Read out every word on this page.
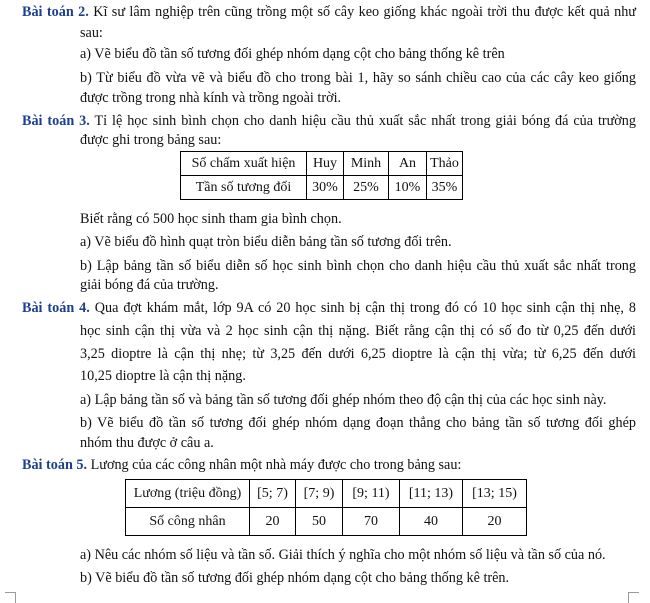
Bài toán 2. Kĩ sư lâm nghiệp trên cũng trồng một số cây keo giống khác ngoài trời thu được kết quả như
sau:
a) Vẽ biểu đồ tần số tương đối ghép nhóm dạng cột cho bảng thống kê trên
b) Từ biểu đồ vừa vẽ và biểu đồ cho trong bài 1, hãy so sánh chiều cao của các cây keo giống
được trồng trong nhà kính và trồng ngoài trời.
Bài toán 3. Tỉ lệ học sinh bình chọn cho danh hiệu cầu thủ xuất sắc nhất trong giải bóng đá của trường
được ghi trong bảng sau:
Số chấm xuất hiện	Huy	Minh	An	Thảo
Tần số tương đối	30%	25%	10%	35%
Biết rằng có 500 học sinh tham gia bình chọn.
a) Vẽ biểu đồ hình quạt tròn biểu diễn bảng tần số tương đối trên.
b) Lập bảng tần số biểu diễn số học sinh bình chọn cho danh hiệu cầu thủ xuất sắc nhất trong
giải bóng đá của trường.
Bài toán 4. Qua đợt khám mắt, lớp 9A có 20 học sinh bị cận thị trong đó có 10 học sinh cận thị nhẹ, 8
học sinh cận thị vừa và 2 học sinh cận thị nặng. Biết rằng cận thị có số đo từ 0,25 đến dưới
3,25 dioptre là cận thị nhẹ; từ 3,25 đến dưới 6,25 dioptre là cận thị vừa; từ 6,25 đến dưới
10,25 dioptre là cận thị nặng.
a) Lập bảng tần số và bảng tần số tương đối ghép nhóm theo độ cận thị của các học sinh này.
b) Vẽ biểu đồ tần số tương đối ghép nhóm dạng đoạn thẳng cho bảng tần số tương đối ghép
nhóm thu được ở câu a.
Bài toán 5. Lương của các công nhân một nhà máy được cho trong bảng sau:
Lương (triệu đồng)	[5; 7)	[7; 9)	[9; 11)	[11; 13)	[13; 15)
Số công nhân	20	50	70	40	20
a) Nêu các nhóm số liệu và tần số. Giải thích ý nghĩa cho một nhóm số liệu và tần số của nó.
b) Vẽ biểu đồ tần số tương đối ghép nhóm dạng cột cho bảng thống kê trên.
